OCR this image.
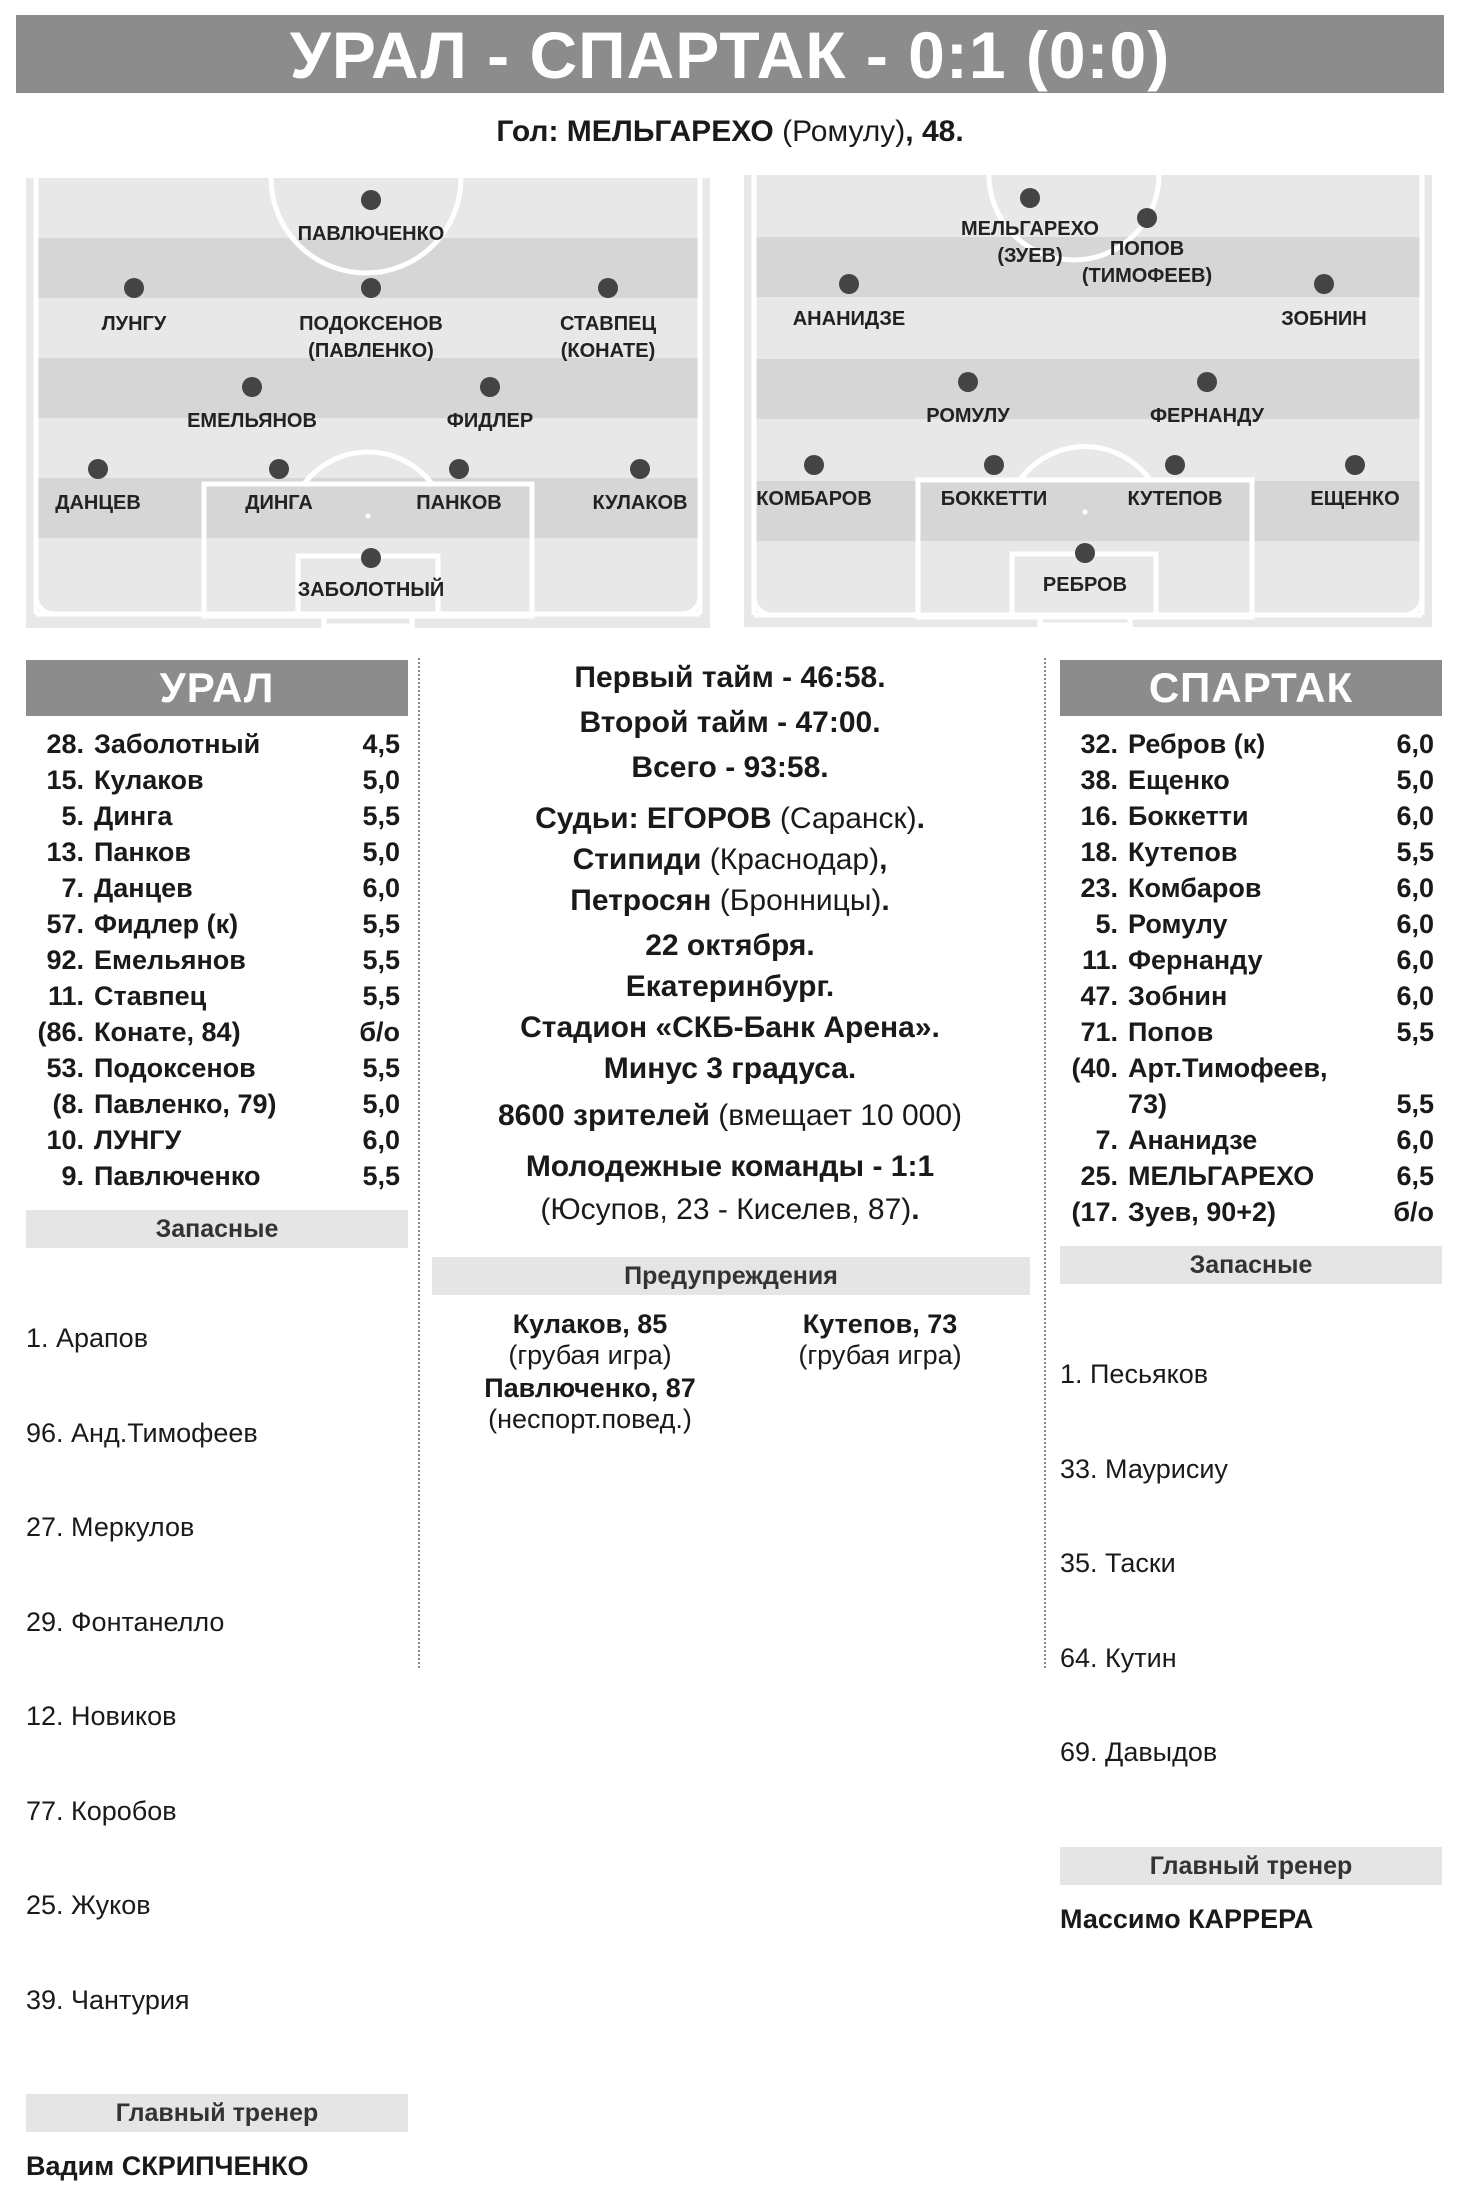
УРАЛ - СПАРТАК - 0:1 (0:0)
Гол: МЕЛЬГАРЕХО (Ромулу), 48.
ПАВЛЮЧЕНКО
ЛУНГУ	ПОДОКСЕНОВ
(ПАВЛЕНКО)
СТАВПЕЦ
(КОНАТЕ)
ЕМЕЛЬЯНОВ	ФИДЛЕР
ДАНЦЕВ	ДИНГА	ПАНКОВ	КУЛАКОВ
ЗАБОЛОТНЫЙ
МЕЛЬГАРЕХО
(ЗУЕВ) ПОПОВ
(ТИМОФЕЕВ)
АНАНИДЗЕ	ЗОБНИН
РОМУЛУ	ФЕРНАНДУ
КОМБАРОВ	БОККЕТТИ	КУТЕПОВ	ЕЩЕНКО
РЕБРОВ
УРАЛ
28. Заболотный	4,5
15. Кулаков	5,0
5. Динга	5,5
13. Панков	5,0
7. Данцев	6,0
57. Фидлер (к)	5,5
92. Емельянов	5,5
11. Ставпец	5,5
(86. Конате, 84)	б/о
53. Подоксенов	5,5
(8. Павленко, 79)	5,0
10. ЛУНГУ	6,0
9. Павлюченко	5,5
Запасные

1. Арапов

96. Анд.Тимофеев

27. Меркулов

29. Фонтанелло

12. Новиков

77. Коробов

25. Жуков

39. Чантурия

Главный тренер
Вадим СКРИПЧЕНКО
Первый тайм - 46:58.
Второй тайм - 47:00.
Всего - 93:58.
Судьи: ЕГОРОВ (Саранск).
Стипиди (Краснодар),
Петросян (Бронницы).
22 октября.
Екатеринбург.
Стадион «СКБ-Банк Арена».
Минус 3 градуса.
8600 зрителей (вмещает 10 000)
Молодежные команды - 1:1
(Юсупов, 23 - Киселев, 87).
Предупреждения
Кулаков, 85
(грубая игра)
Павлюченко, 87
(неспорт.повед.)
Кутепов, 73
(грубая игра)
СПАРТАК
32. Ребров (к)	6,0
38. Ещенко	5,0
16. Боккетти	6,0
18. Кутепов	5,5
23. Комбаров	6,0
5. Ромулу	6,0
11. Фернанду	6,0
47. Зобнин	6,0
71. Попов	5,5
(40. Арт.Тимофеев,
73)	5,5
7. Ананидзе	6,0
25. МЕЛЬГАРЕХО	6,5
(17. Зуев, 90+2)	б/о
Запасные

1. Песьяков

33. Маурисиу

35. Таски

64. Кутин

69. Давыдов

Главный тренер
Массимо КАРРЕРА
